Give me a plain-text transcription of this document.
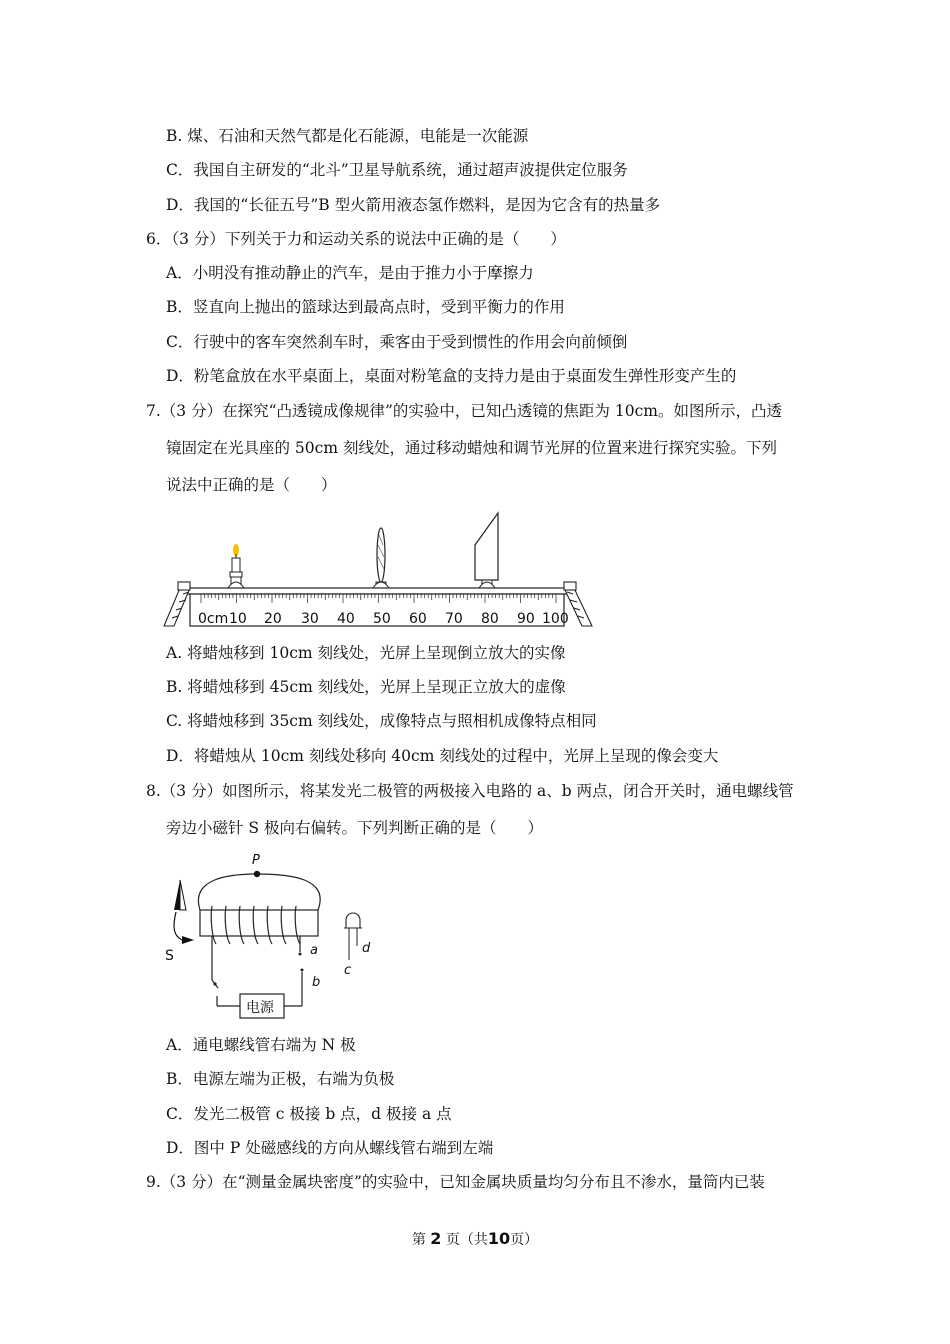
B. 煤、石油和天然气都是化石能源，电能是一次能源
C．我国自主研发的“北斗”卫星导航系统，通过超声波提供定位服务
D．我国的“长征五号”B 型火箭用液态氢作燃料，是因为它含有的热量多
6．（3 分）下列关于力和运动关系的说法中正确的是（　　）
A．小明没有推动静止的汽车，是由于推力小于摩擦力
B．竖直向上抛出的篮球达到最高点时，受到平衡力的作用
C．行驶中的客车突然刹车时，乘客由于受到惯性的作用会向前倾倒
D．粉笔盒放在水平桌面上，桌面对粉笔盒的支持力是由于桌面发生弹性形变产生的
7.（3 分）在探究“凸透镜成像规律”的实验中，已知凸透镜的焦距为 10cm。如图所示，凸透
镜固定在光具座的 50cm 刻线处，通过移动蜡烛和调节光屏的位置来进行探究实验。下列
说法中正确的是（　　）
0cm 10 20 30 40 50 60 70 80 90 100
A. 将蜡烛移到 10cm 刻线处，光屏上呈现倒立放大的实像
B. 将蜡烛移到 45cm 刻线处，光屏上呈现正立放大的虚像
C. 将蜡烛移到 35cm 刻线处，成像特点与照相机成像特点相同
D．将蜡烛从 10cm 刻线处移向 40cm 刻线处的过程中，光屏上呈现的像会变大
8.（3 分）如图所示，将某发光二极管的两极接入电路的 a、b 两点，闭合开关时，通电螺线管
旁边小磁针 S 极向右偏转。下列判断正确的是（　　）
P
S
电源
a
b
c
d
A．通电螺线管右端为 N 极
B．电源左端为正极，右端为负极
C．发光二极管 c 极接 b 点，d 极接 a 点
D．图中 P 处磁感线的方向从螺线管右端到左端
9.（3 分）在“测量金属块密度”的实验中，已知金属块质量均匀分布且不渗水，量筒内已装
第 2 页（共10页）
